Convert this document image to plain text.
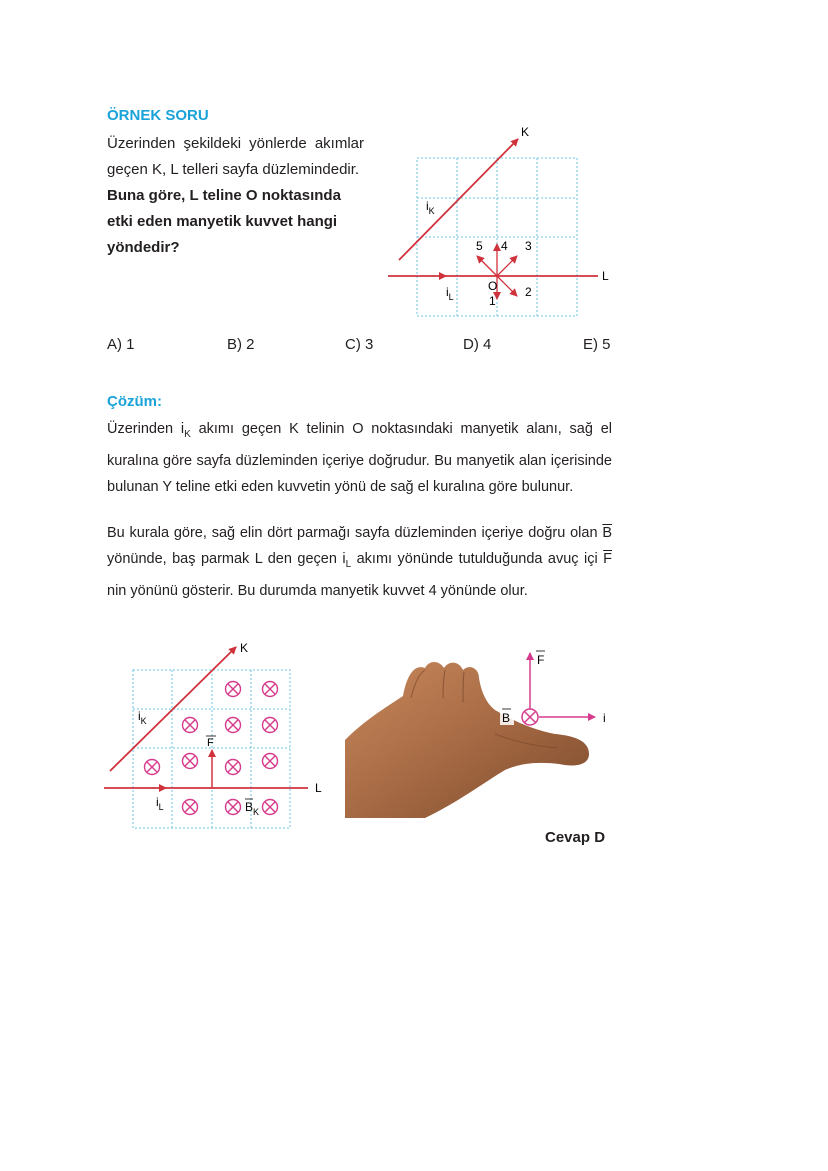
ÖRNEK SORU
Üzerinden şekildeki yönlerde akımlar geçen K, L telleri sayfa düzlemindedir.
Buna göre, L teline O noktasında etki eden manyetik kuvvet hangi yöndedir?
K
L
$i_K$
$i_L$
5 4 3
O
1
2
A) 1	B) 2	C) 3	D) 4	E) 5
Çözüm:
Üzerinden $i_K$ akımı geçen K telinin O noktasındaki manyetik alanı, sağ el kuralına göre sayfa düzleminden içeriye doğrudur. Bu manyetik alan içerisinde bulunan Y teline etki eden kuvvetin yönü de sağ el kuralına göre bulunur.
Bu kurala göre, sağ elin dört parmağı sayfa düzleminden içeriye doğru olan $\overline{B}$ yönünde, baş parmak L den geçen $i_L$ akımı yönünde tutulduğunda avuç içi $\overline{F}$ nin yönünü gösterir. Bu durumda manyetik kuvvet 4 yönünde olur.
K
L
$i_K$
$i_L$
F
$B_K$
F
i
B
Cevap D
